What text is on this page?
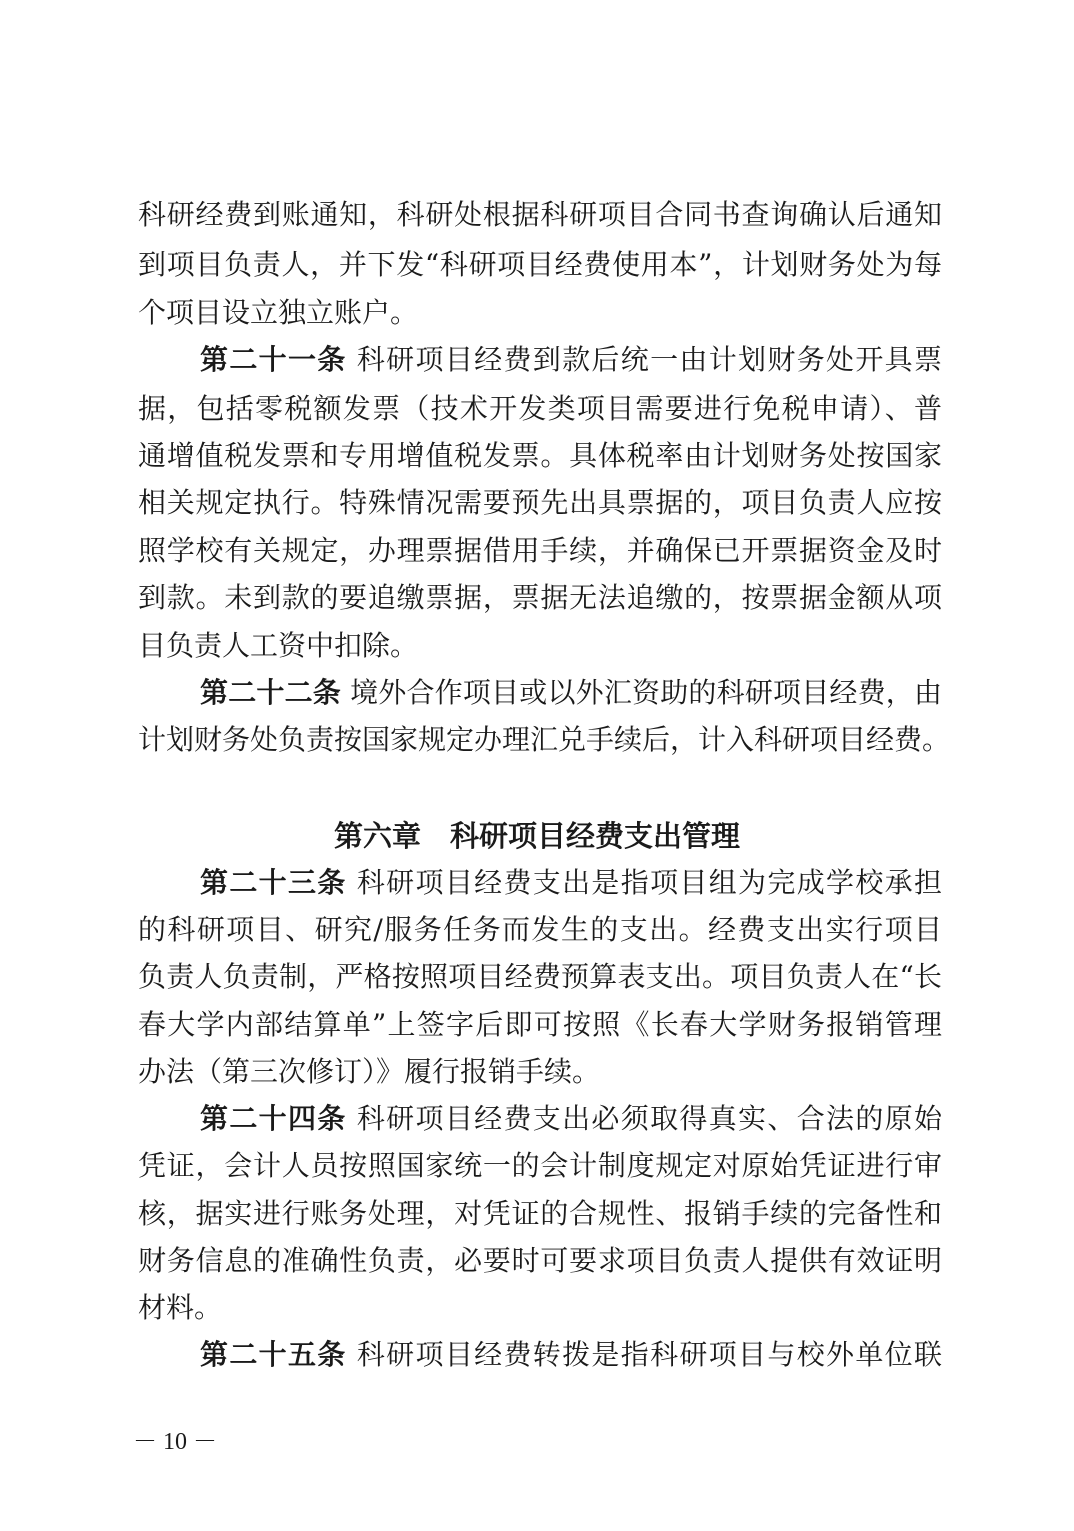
科研经费到账通知，科研处根据科研项目合同书查询确认后通知
到项目负责人，并下发“科研项目经费使用本”，计划财务处为每
个项目设立独立账户。
第二十一条 科研项目经费到款后统一由计划财务处开具票
据，包括零税额发票（技术开发类项目需要进行免税申请）、普
通增值税发票和专用增值税发票。具体税率由计划财务处按国家
相关规定执行。特殊情况需要预先出具票据的，项目负责人应按
照学校有关规定，办理票据借用手续，并确保已开票据资金及时
到款。未到款的要追缴票据，票据无法追缴的，按票据金额从项
目负责人工资中扣除。
第二十二条 境外合作项目或以外汇资助的科研项目经费，由
计划财务处负责按国家规定办理汇兑手续后，计入科研项目经费。
第六章　科研项目经费支出管理
第二十三条 科研项目经费支出是指项目组为完成学校承担
的科研项目、研究/服务任务而发生的支出。经费支出实行项目
负责人负责制，严格按照项目经费预算表支出。项目负责人在“长
春大学内部结算单”上签字后即可按照《长春大学财务报销管理
办法（第三次修订）》履行报销手续。
第二十四条 科研项目经费支出必须取得真实、合法的原始
凭证，会计人员按照国家统一的会计制度规定对原始凭证进行审
核，据实进行账务处理，对凭证的合规性、报销手续的完备性和
财务信息的准确性负责，必要时可要求项目负责人提供有效证明
材料。
第二十五条 科研项目经费转拨是指科研项目与校外单位联
－ 10 －
